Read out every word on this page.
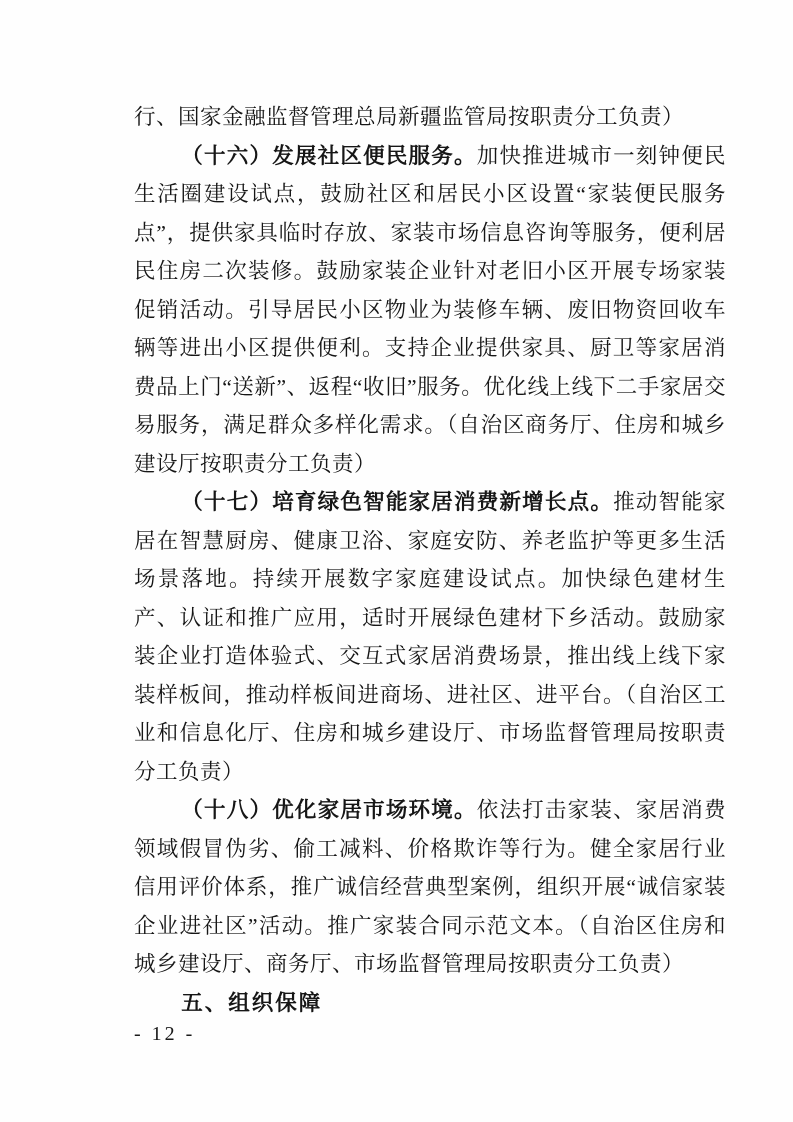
行、国家金融监督管理总局新疆监管局按职责分工负责）

（十六）发展社区便民服务。加快推进城市一刻钟便民生活圈建设试点，鼓励社区和居民小区设置“家装便民服务点”，提供家具临时存放、家装市场信息咨询等服务，便利居民住房二次装修。鼓励家装企业针对老旧小区开展专场家装促销活动。引导居民小区物业为装修车辆、废旧物资回收车辆等进出小区提供便利。支持企业提供家具、厨卫等家居消费品上门“送新”、返程“收旧”服务。优化线上线下二手家居交易服务，满足群众多样化需求。（自治区商务厅、住房和城乡建设厅按职责分工负责）

（十七）培育绿色智能家居消费新增长点。推动智能家居在智慧厨房、健康卫浴、家庭安防、养老监护等更多生活场景落地。持续开展数字家庭建设试点。加快绿色建材生产、认证和推广应用，适时开展绿色建材下乡活动。鼓励家装企业打造体验式、交互式家居消费场景，推出线上线下家装样板间，推动样板间进商场、进社区、进平台。（自治区工业和信息化厅、住房和城乡建设厅、市场监督管理局按职责分工负责）

（十八）优化家居市场环境。依法打击家装、家居消费领域假冒伪劣、偷工减料、价格欺诈等行为。健全家居行业信用评价体系，推广诚信经营典型案例，组织开展“诚信家装企业进社区”活动。推广家装合同示范文本。（自治区住房和城乡建设厅、商务厅、市场监督管理局按职责分工负责）

五、组织保障

- 12 -
